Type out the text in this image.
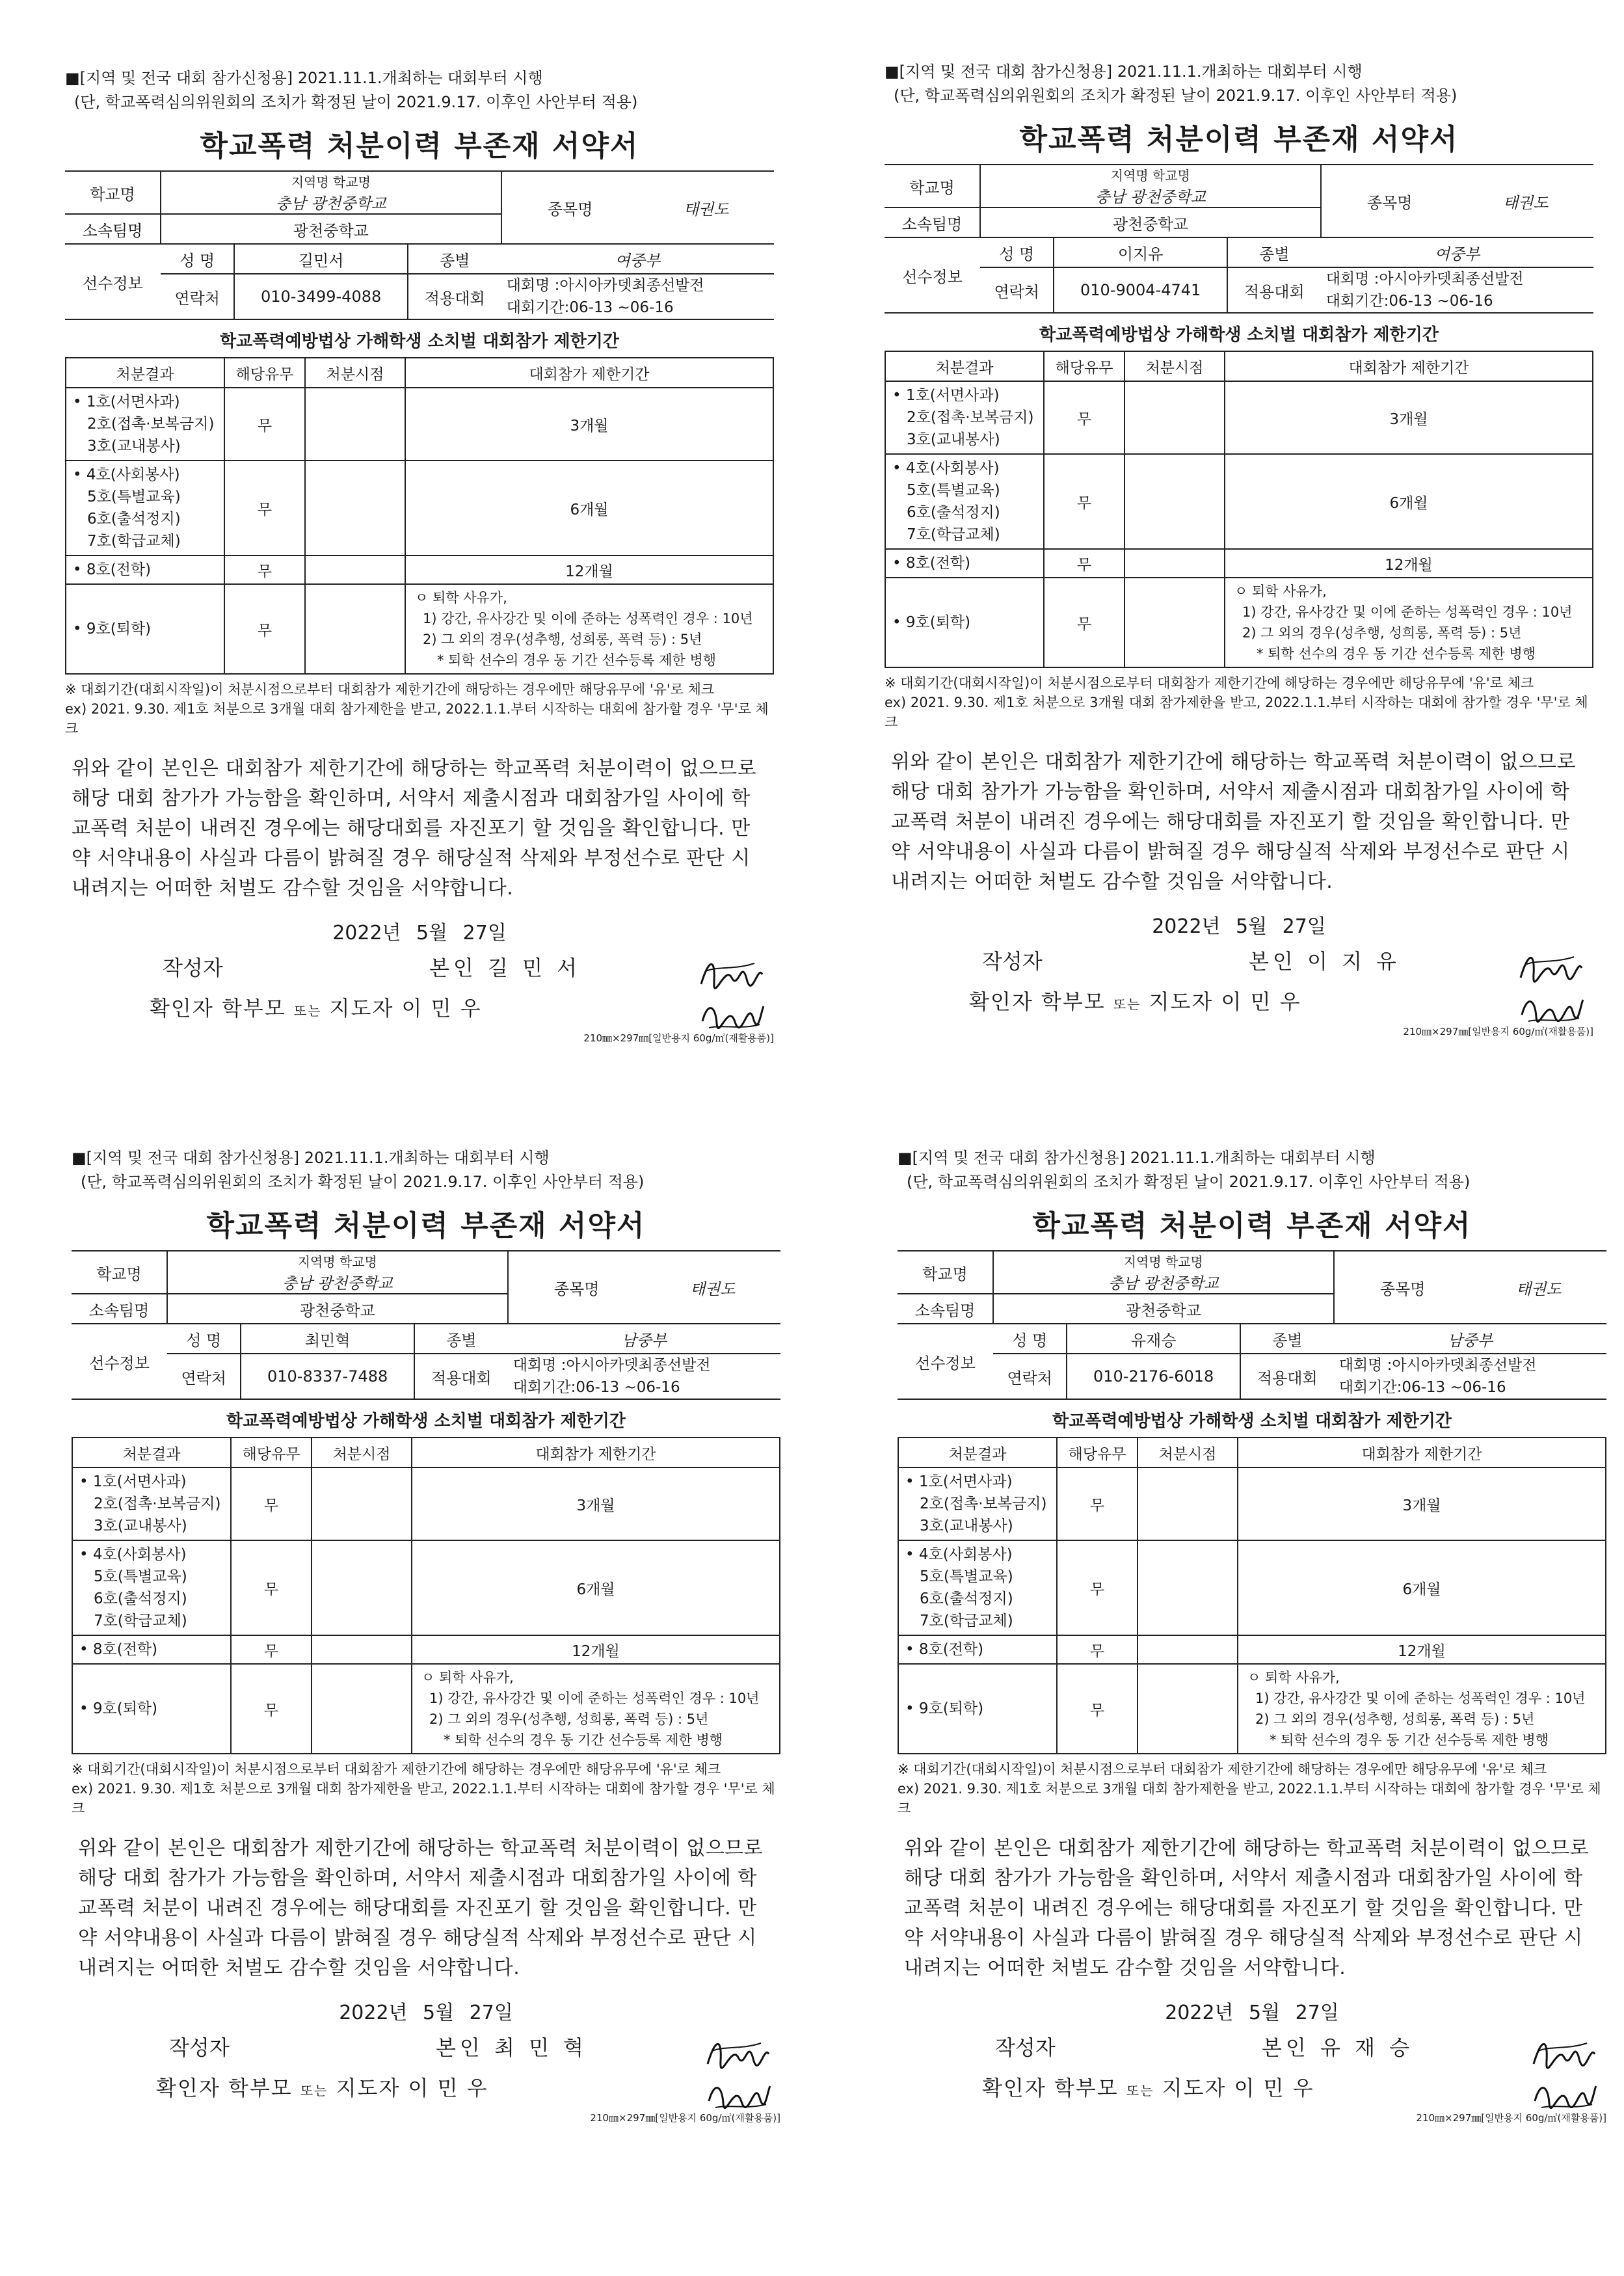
■[지역 및 전국 대회 참가신청용] 2021.11.1.개최하는 대회부터 시행
(단, 학교폭력심의위원회의 조치가 확정된 날이 2021.9.17. 이후인 사안부터 적용)
학교폭력 처분이력 부존재 서약서
학교명	지역명 학교명
충남 광천중학교			종목명	태권도
소속팀명	광천중학교				
선수정보	성 명	길민서	종별	여중부	
	연락처	010-3499-4088	적용대회	대회명 :아시아카뎃최종선발전
대회기간:06-13 ~06-16	
학교폭력예방법상 가해학생 소치벌 대회참가 제한기간
처분결과	해당유무	처분시점	대회참가 제한기간

• 1호(서면사과)
2호(접촉·보복금지)
3호(교내봉사)	무		3개월

• 4호(사회봉사)
5호(특별교육)
6호(출석정지)
7호(학급교체)	무		6개월

• 8호(전학)	무		12개월
• 9호(퇴학)	무		ㅇ 퇴학 사유가,
1) 강간, 유사강간 및 이에 준하는 성폭력인 경우 : 10년
2) 그 외의 경우(성추행, 성희롱, 폭력 등) : 5년
* 퇴학 선수의 경우 동 기간 선수등록 제한 병행
※ 대회기간(대회시작일)이 처분시점으로부터 대회참가 제한기간에 해당하는 경우에만 해당유무에 '유'로 체크
ex) 2021. 9.30. 제1호 처분으로 3개월 대회 참가제한을 받고, 2022.1.1.부터 시작하는 대회에 참가할 경우 '무'로 체크
위와 같이 본인은 대회참가 제한기간에 해당하는 학교폭력 처분이력이 없으므로 해당 대회 참가가 가능함을 확인하며, 서약서 제출시점과 대회참가일 사이에 학교폭력 처분이 내려진 경우에는 해당대회를 자진포기 할 것임을 확인합니다. 만약 서약내용이 사실과 다름이 밝혀질 경우 해당실적 삭제와 부정선수로 판단 시 내려지는 어떠한 처벌도 감수할 것임을 서약합니다.
2022년 5월 27일
작성자	본인 길 민 서
확인자 학부모 또는 지도자 이 민 우
210㎜×297㎜[일반용지 60g/㎡(재활용품)]
■[지역 및 전국 대회 참가신청용] 2021.11.1.개최하는 대회부터 시행
(단, 학교폭력심의위원회의 조치가 확정된 날이 2021.9.17. 이후인 사안부터 적용)
학교폭력 처분이력 부존재 서약서
학교명	지역명 학교명
충남 광천중학교			종목명	태권도
소속팀명	광천중학교				
선수정보	성 명	이지유	종별	여중부	
	연락처	010-9004-4741	적용대회	대회명 :아시아카뎃최종선발전
대회기간:06-13 ~06-16	
학교폭력예방법상 가해학생 소치벌 대회참가 제한기간
처분결과	해당유무	처분시점	대회참가 제한기간

• 1호(서면사과)
2호(접촉·보복금지)
3호(교내봉사)	무		3개월

• 4호(사회봉사)
5호(특별교육)
6호(출석정지)
7호(학급교체)	무		6개월

• 8호(전학)	무		12개월
• 9호(퇴학)	무		ㅇ 퇴학 사유가,
1) 강간, 유사강간 및 이에 준하는 성폭력인 경우 : 10년
2) 그 외의 경우(성추행, 성희롱, 폭력 등) : 5년
* 퇴학 선수의 경우 동 기간 선수등록 제한 병행
※ 대회기간(대회시작일)이 처분시점으로부터 대회참가 제한기간에 해당하는 경우에만 해당유무에 '유'로 체크
ex) 2021. 9.30. 제1호 처분으로 3개월 대회 참가제한을 받고, 2022.1.1.부터 시작하는 대회에 참가할 경우 '무'로 체크
위와 같이 본인은 대회참가 제한기간에 해당하는 학교폭력 처분이력이 없으므로 해당 대회 참가가 가능함을 확인하며, 서약서 제출시점과 대회참가일 사이에 학교폭력 처분이 내려진 경우에는 해당대회를 자진포기 할 것임을 확인합니다. 만약 서약내용이 사실과 다름이 밝혀질 경우 해당실적 삭제와 부정선수로 판단 시 내려지는 어떠한 처벌도 감수할 것임을 서약합니다.
2022년 5월 27일
작성자	본인 이 지 유
확인자 학부모 또는 지도자 이 민 우
210㎜×297㎜[일반용지 60g/㎡(재활용품)]
■[지역 및 전국 대회 참가신청용] 2021.11.1.개최하는 대회부터 시행
(단, 학교폭력심의위원회의 조치가 확정된 날이 2021.9.17. 이후인 사안부터 적용)
학교폭력 처분이력 부존재 서약서
학교명	지역명 학교명
충남 광천중학교			종목명	태권도
소속팀명	광천중학교				
선수정보	성 명	최민혁	종별	남중부	
	연락처	010-8337-7488	적용대회	대회명 :아시아카뎃최종선발전
대회기간:06-13 ~06-16	
학교폭력예방법상 가해학생 소치벌 대회참가 제한기간
처분결과	해당유무	처분시점	대회참가 제한기간

• 1호(서면사과)
2호(접촉·보복금지)
3호(교내봉사)	무		3개월

• 4호(사회봉사)
5호(특별교육)
6호(출석정지)
7호(학급교체)	무		6개월

• 8호(전학)	무		12개월
• 9호(퇴학)	무		ㅇ 퇴학 사유가,
1) 강간, 유사강간 및 이에 준하는 성폭력인 경우 : 10년
2) 그 외의 경우(성추행, 성희롱, 폭력 등) : 5년
* 퇴학 선수의 경우 동 기간 선수등록 제한 병행
※ 대회기간(대회시작일)이 처분시점으로부터 대회참가 제한기간에 해당하는 경우에만 해당유무에 '유'로 체크
ex) 2021. 9.30. 제1호 처분으로 3개월 대회 참가제한을 받고, 2022.1.1.부터 시작하는 대회에 참가할 경우 '무'로 체크
위와 같이 본인은 대회참가 제한기간에 해당하는 학교폭력 처분이력이 없으므로 해당 대회 참가가 가능함을 확인하며, 서약서 제출시점과 대회참가일 사이에 학교폭력 처분이 내려진 경우에는 해당대회를 자진포기 할 것임을 확인합니다. 만약 서약내용이 사실과 다름이 밝혀질 경우 해당실적 삭제와 부정선수로 판단 시 내려지는 어떠한 처벌도 감수할 것임을 서약합니다.
2022년 5월 27일
작성자	본인 최 민 혁
확인자 학부모 또는 지도자 이 민 우
210㎜×297㎜[일반용지 60g/㎡(재활용품)]
■[지역 및 전국 대회 참가신청용] 2021.11.1.개최하는 대회부터 시행
(단, 학교폭력심의위원회의 조치가 확정된 날이 2021.9.17. 이후인 사안부터 적용)
학교폭력 처분이력 부존재 서약서
학교명	지역명 학교명
충남 광천중학교			종목명	태권도
소속팀명	광천중학교				
선수정보	성 명	유재승	종별	남중부	
	연락처	010-2176-6018	적용대회	대회명 :아시아카뎃최종선발전
대회기간:06-13 ~06-16	
학교폭력예방법상 가해학생 소치벌 대회참가 제한기간
처분결과	해당유무	처분시점	대회참가 제한기간

• 1호(서면사과)
2호(접촉·보복금지)
3호(교내봉사)	무		3개월

• 4호(사회봉사)
5호(특별교육)
6호(출석정지)
7호(학급교체)	무		6개월

• 8호(전학)	무		12개월
• 9호(퇴학)	무		ㅇ 퇴학 사유가,
1) 강간, 유사강간 및 이에 준하는 성폭력인 경우 : 10년
2) 그 외의 경우(성추행, 성희롱, 폭력 등) : 5년
* 퇴학 선수의 경우 동 기간 선수등록 제한 병행
※ 대회기간(대회시작일)이 처분시점으로부터 대회참가 제한기간에 해당하는 경우에만 해당유무에 '유'로 체크
ex) 2021. 9.30. 제1호 처분으로 3개월 대회 참가제한을 받고, 2022.1.1.부터 시작하는 대회에 참가할 경우 '무'로 체크
위와 같이 본인은 대회참가 제한기간에 해당하는 학교폭력 처분이력이 없으므로 해당 대회 참가가 가능함을 확인하며, 서약서 제출시점과 대회참가일 사이에 학교폭력 처분이 내려진 경우에는 해당대회를 자진포기 할 것임을 확인합니다. 만약 서약내용이 사실과 다름이 밝혀질 경우 해당실적 삭제와 부정선수로 판단 시 내려지는 어떠한 처벌도 감수할 것임을 서약합니다.
2022년 5월 27일
작성자	본인 유 재 승
확인자 학부모 또는 지도자 이 민 우
210㎜×297㎜[일반용지 60g/㎡(재활용품)]
